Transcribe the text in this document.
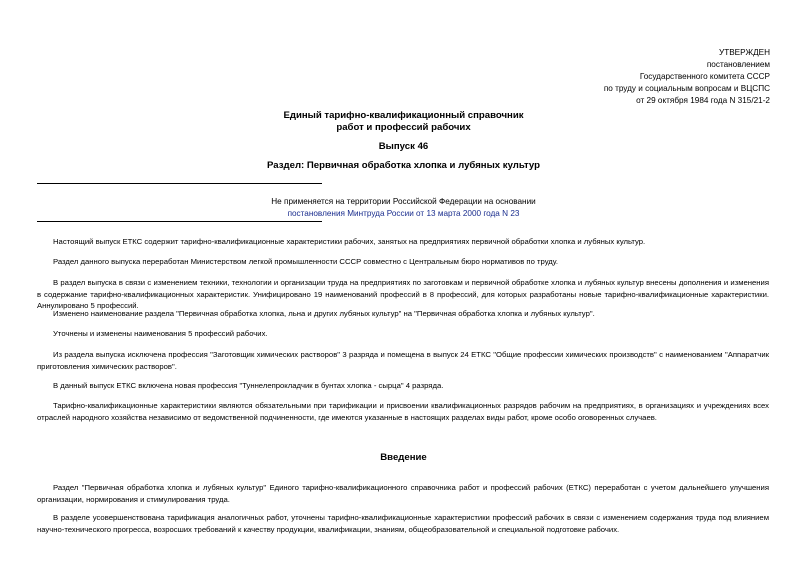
УТВЕРЖДЕН
постановлением
Государственного комитета СССР
по труду и социальным вопросам и ВЦСПС
от 29 октября 1984 года N 315/21-2
Единый тарифно-квалификационный справочник
работ и профессий рабочих
Выпуск 46
Раздел: Первичная обработка хлопка и лубяных культур
Не применяется на территории Российской Федерации на основании
постановления Минтруда России от 13 марта 2000 года N 23
Настоящий выпуск ЕТКС содержит тарифно-квалификационные характеристики рабочих, занятых на предприятиях первичной обработки хлопка и лубяных культур.
Раздел данного выпуска переработан Министерством легкой промышленности СССР совместно с Центральным бюро нормативов по труду.
В раздел выпуска в связи с изменением техники, технологии и организации труда на предприятиях по заготовкам и первичной обработке хлопка и лубяных культур внесены дополнения и изменения в содержание тарифно-квалификационных характеристик. Унифицировано 19 наименований профессий в 8 профессий, для которых разработаны новые тарифно-квалификационные характеристики. Аннулировано 5 профессий.
Изменено наименование раздела "Первичная обработка хлопка, льна и других лубяных культур" на "Первичная обработка хлопка и лубяных культур".
Уточнены и изменены наименования 5 профессий рабочих.
Из раздела выпуска исключена профессия "Заготовщик химических растворов" 3 разряда и помещена в выпуск 24 ЕТКС "Общие профессии химических производств" с наименованием "Аппаратчик приготовления химических растворов".
В данный выпуск ЕТКС включена новая профессия "Туннелепрокладчик в бунтах хлопка - сырца" 4 разряда.
Тарифно-квалификационные характеристики являются обязательными при тарификации и присвоении квалификационных разрядов рабочим на предприятиях, в организациях и учреждениях всех отраслей народного хозяйства независимо от ведомственной подчиненности, где имеются указанные в настоящих разделах виды работ, кроме особо оговоренных случаев.
Введение
Раздел "Первичная обработка хлопка и лубяных культур" Единого тарифно-квалификационного справочника работ и профессий рабочих (ЕТКС) переработан с учетом дальнейшего улучшения организации, нормирования и стимулирования труда.
В разделе усовершенствована тарификация аналогичных работ, уточнены тарифно-квалификационные характеристики профессий рабочих в связи с изменением содержания труда под влиянием научно-технического прогресса, возросших требований к качеству продукции, квалификации, знаниям, общеобразовательной и специальной подготовке рабочих.
